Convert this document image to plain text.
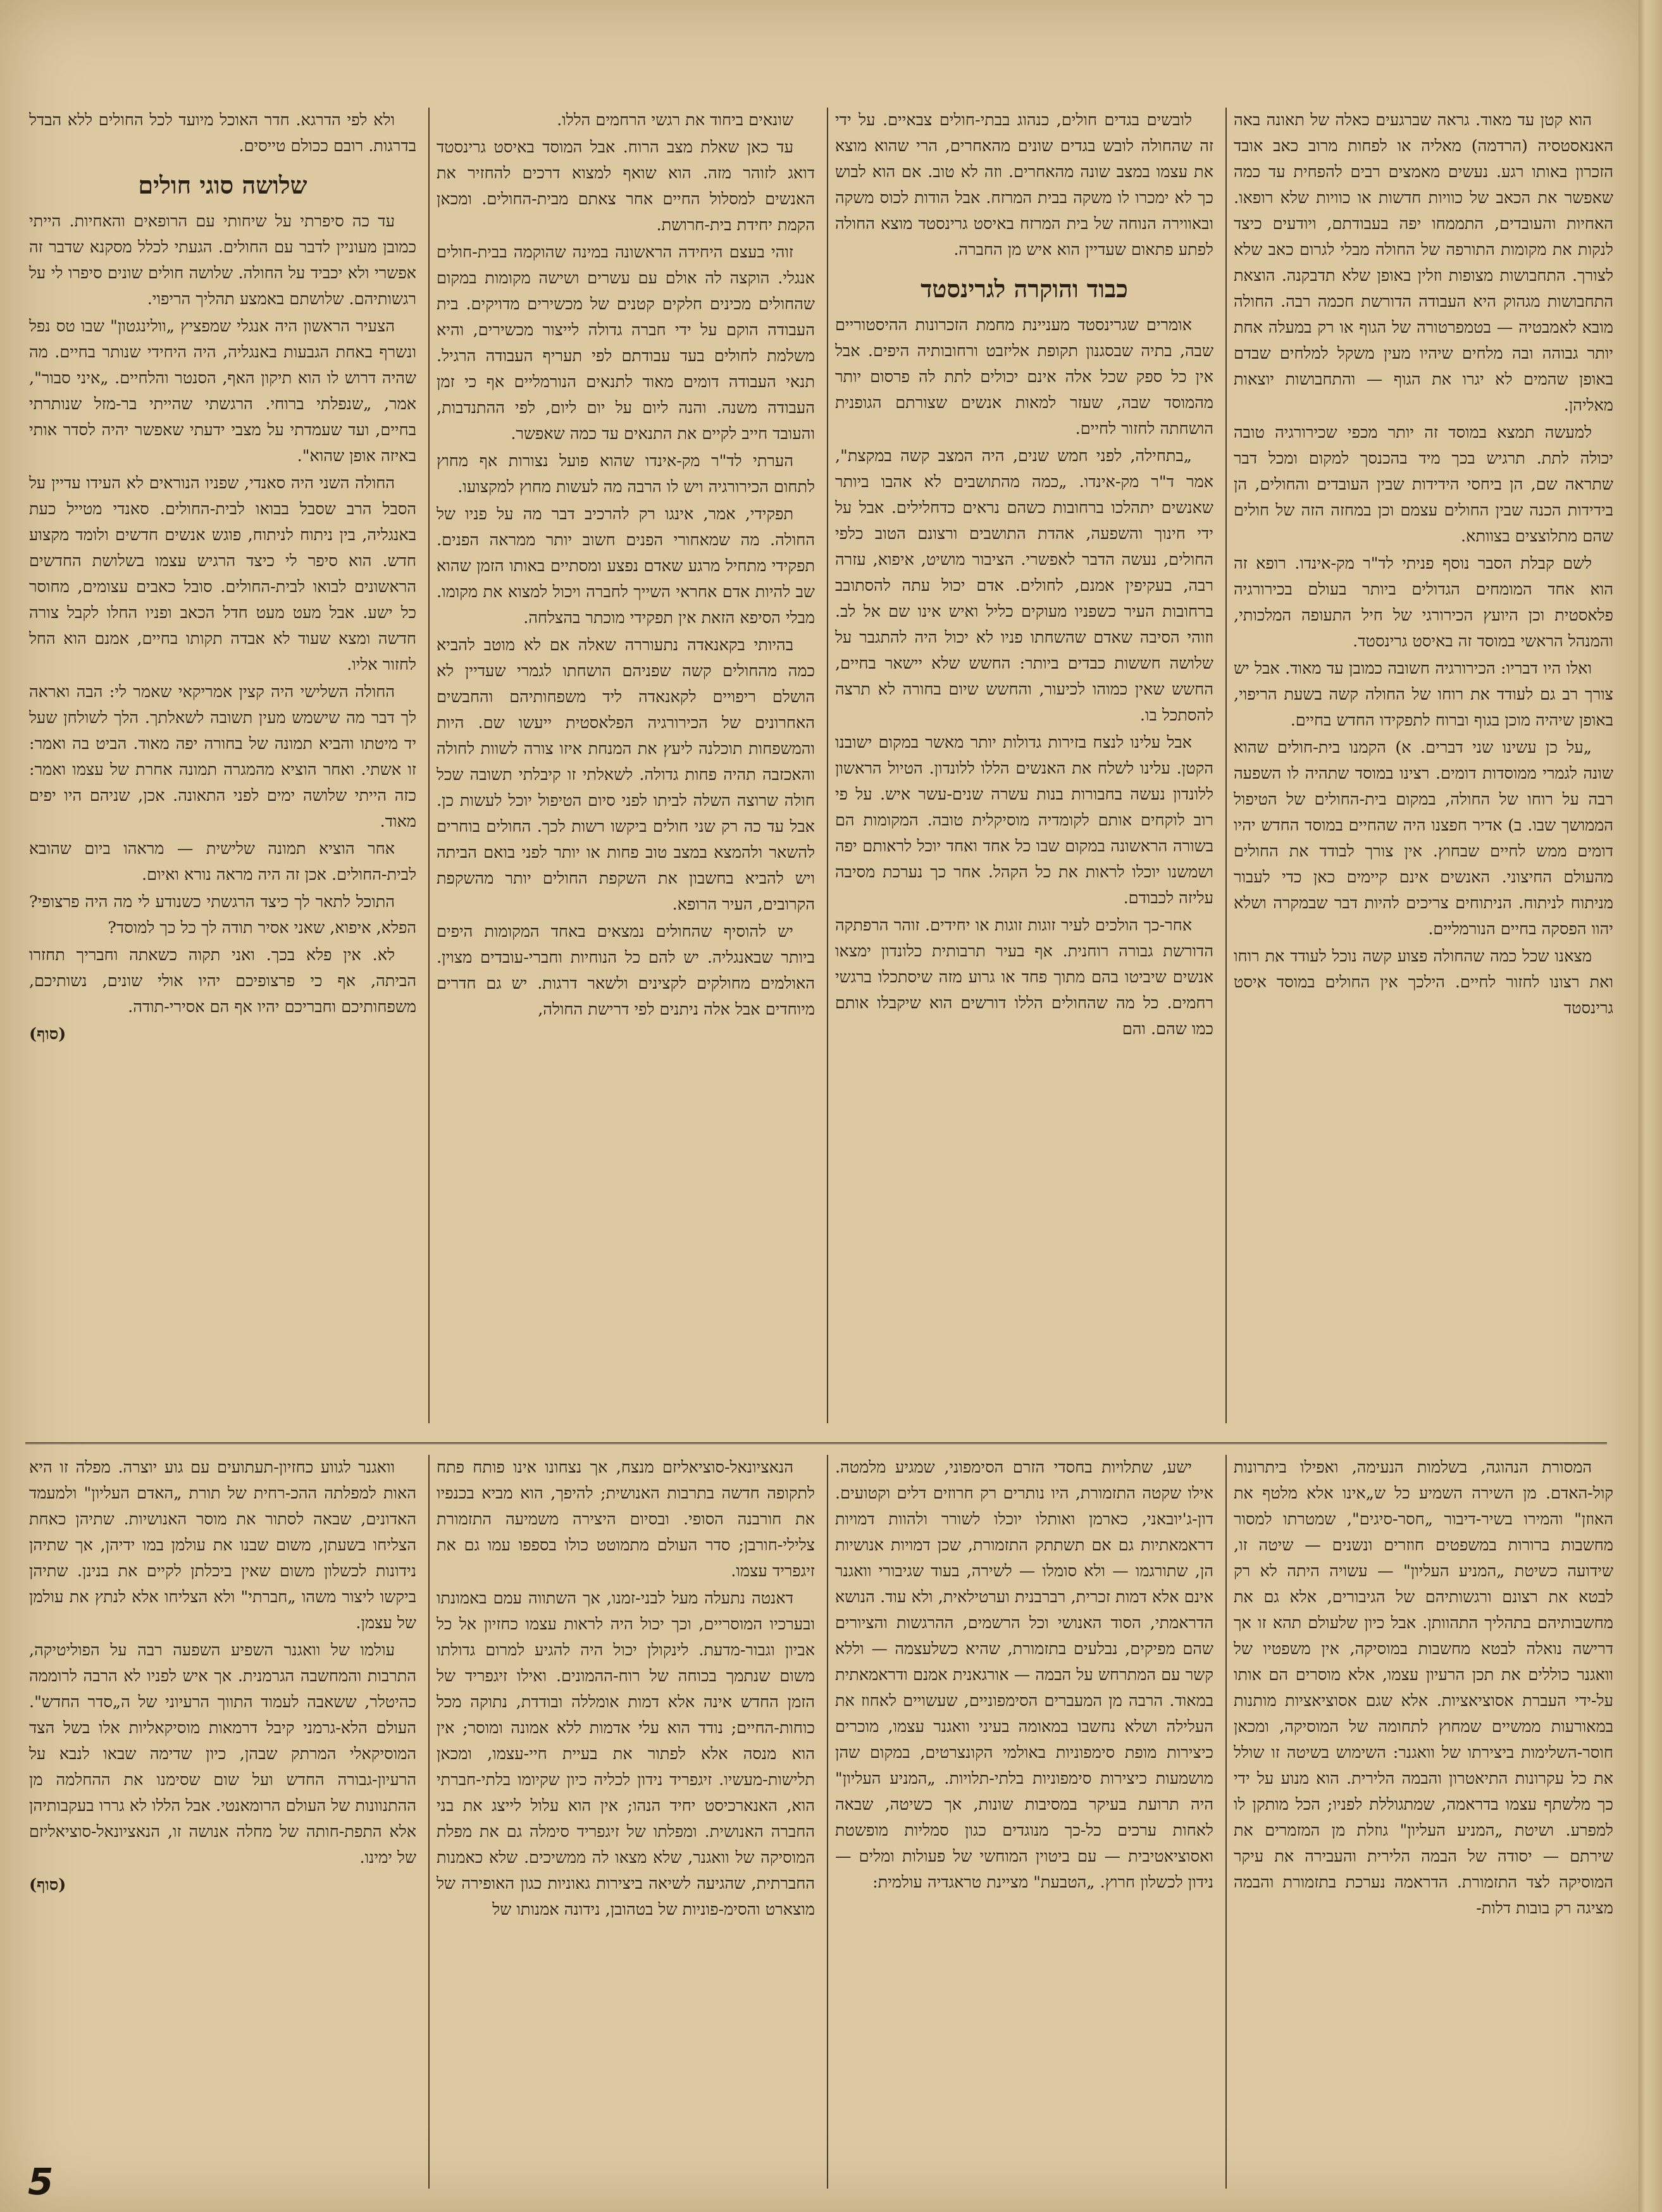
הוא קטן עד מאוד. גראה שברגעים כאלה של תאונה באה האנאסטסיה (הרדמה) מאליה או לפחות מרוב כאב אובד הזכרון באותו רגע. נעשים מאמצים רבים להפחית עד כמה שאפשר את הכאב של כוויות חדשות או כוויות שלא רופאו. האחיות והעובדים, התממחו יפה בעבודתם, ויודעים כיצד לנקות את מקומות התורפה של החולה מבלי לגרום כאב שלא לצורך. התחבושות מצופות וזלין באופן שלא תדבקנה. הוצאת התחבושות מגהוק היא העבודה הדורשת חכמה רבה. החולה מובא לאמבטיה — בטמפרטורה של הגוף או רק במעלה אחת יותר גבוהה ובה מלחים שיהיו מעין משקל למלחים שבדם באופן שהמים לא יגרו את הגוף — והתחבושות יוצאות מאליהן.

למעשה תמצא במוסד זה יותר מכפי שכירורגיה טובה יכולה לתת. תרגיש בכך מיד בהכנסך למקום ומכל דבר שתראה שם, הן ביחסי הידידות שבין העובדים והחולים, הן בידידות הכנה שבין החולים עצמם וכן במחזה הזה של חולים שהם מתלוצצים בצוותא.

לשם קבלת הסבר נוסף פניתי לד"ר מק-אינדו. רופא זה הוא אחד המומחים הגדולים ביותר בעולם בכירורגיה פלאסטית וכן היועץ הכירורגי של חיל התעופה המלכותי, והמנהל הראשי במוסד זה באיסט גרינסטד.

ואלו היו דבריו: הכירורגיה חשובה כמובן עד מאוד. אבל יש צורך רב גם לעודד את רוחו של החולה קשה בשעת הריפוי, באופן שיהיה מוכן בגוף וברוח לתפקידו החדש בחיים.

„על כן עשינו שני דברים. א) הקמנו בית-חולים שהוא שונה לגמרי ממוסדות דומים. רצינו במוסד שתהיה לו השפעה רבה על רוחו של החולה, במקום בית-החולים של הטיפול הממושך שבו. ב) אדיר חפצנו היה שהחיים במוסד החדש יהיו דומים ממש לחיים שבחוץ. אין צורך לבודד את החולים מהעולם החיצוני. האנשים אינם קיימים כאן כדי לעבור מניתוח לניתוח. הניתוחים צריכים להיות דבר שבמקרה ושלא יהוו הפסקה בחיים הנורמליים.

מצאנו שכל כמה שהחולה פצוע קשה נוכל לעודד את רוחו ואת רצונו לחזור לחיים. הילכך אין החולים במוסד איסט גרינסטד

לובשים בגדים חולים, כנהוג בבתי-חולים צבאיים. על ידי זה שהחולה לובש בגדים שונים מהאחרים, הרי שהוא מוצא את עצמו במצב שונה מהאחרים. וזה לא טוב. אם הוא לבוש כך לא ימכרו לו משקה בבית המרזח. אבל הודות לכוס משקה ובאווירה הנוחה של בית המרזח באיסט גרינסטד מוצא החולה לפתע פתאום שעדיין הוא איש מן החברה.

כבוד והוקרה לגרינסטד

אומרים שגרינסטד מעניינת מחמת הזכרונות ההיסטוריים שבה, בתיה שבסגנון תקופת אליזבט ורחובותיה היפים. אבל אין כל ספק שכל אלה אינם יכולים לתת לה פרסום יותר מהמוסד שבה, שעזר למאות אנשים שצורתם הגופנית הושחתה לחזור לחיים.

„בתחילה, לפני חמש שנים, היה המצב קשה במקצת", אמר ד"ר מק-אינדו. „כמה מהתושבים לא אהבו ביותר שאנשים יתהלכו ברחובות כשהם נראים כדחלילים. אבל על ידי חינוך והשפעה, אהדת התושבים ורצונם הטוב כלפי החולים, נעשה הדבר לאפשרי. הציבור מושיט, איפוא, עזרה רבה, בעקיפין אמנם, לחולים. אדם יכול עתה להסתובב ברחובות העיר כשפניו מעוקים כליל ואיש אינו שם אל לב. וזוהי הסיבה שאדם שהשחתו פניו לא יכול היה להתגבר על שלושה חששות כבדים ביותר: החשש שלא יישאר בחיים, החשש שאין כמוהו לכיעור, והחשש שיום בחורה לא תרצה להסתכל בו.

אבל עלינו לנצח בזירות גדולות יותר מאשר במקום ישובנו הקטן. עלינו לשלח את האנשים הללו ללונדון. הטיול הראשון ללונדון נעשה בחבורות בנות עשרה שנים-עשר איש. על פי רוב לוקחים אותם לקומדיה מוסיקלית טובה. המקומות הם בשורה הראשונה במקום שבו כל אחד ואחד יוכל לראותם יפה ושמשנו יוכלו לראות את כל הקהל. אחר כך נערכת מסיבה עליזה לכבודם.

אחר-כך הולכים לעיר זוגות זוגות או יחידים. זוהר הרפתקה הדורשת גבורה רוחנית. אף בעיר תרבותית כלונדון ימצאו אנשים שיביטו בהם מתוך פחד או גרוע מזה שיסתכלו ברגשי רחמים. כל מה שהחולים הללו דורשים הוא שיקבלו אותם כמו שהם. והם

שונאים ביחוד את רגשי הרחמים הללו.

עד כאן שאלת מצב הרוח. אבל המוסד באיסט גרינסטד דואג לזוהר מזה. הוא שואף למצוא דרכים להחזיר את האנשים למסלול החיים אחר צאתם מבית-החולים. ומכאן הקמת יחידת בית-חרושת.

זוהי בעצם היחידה הראשונה במינה שהוקמה בבית-חולים אנגלי. הוקצה לה אולם עם עשרים ושישה מקומות במקום שהחולים מכינים חלקים קטנים של מכשירים מדויקים. בית העבודה הוקם על ידי חברה גדולה לייצור מכשירים, והיא משלמת לחולים בעד עבודתם לפי תעריף העבודה הרגיל. תנאי העבודה דומים מאוד לתנאים הנורמליים אף כי זמן העבודה משנה. והנה ליום על יום ליום, לפי ההתנדבות, והעובד חייב לקיים את התנאים עד כמה שאפשר.

הערתי לד"ר מק-אינדו שהוא פועל נצורות אף מחוץ לתחום הכירורגיה ויש לו הרבה מה לעשות מחוץ למקצועו.

תפקידי, אמר, אינגו רק להרכיב דבר מה על פניו של החולה. מה שמאחורי הפנים חשוב יותר ממראה הפנים. תפקידי מתחיל מרגע שאדם נפצע ומסתיים באותו הזמן שהוא שב להיות אדם אחראי השייך לחברה ויכול למצוא את מקומו. מבלי הסיפא הזאת אין תפקידי מוכתר בהצלחה.

בהיותי בקאנאדה נתעוררה שאלה אם לא מוטב להביא כמה מהחולים קשה שפניהם הושחתו לגמרי שעדיין לא הושלם ריפויים לקאנאדה ליד משפחותיהם והחבשים האחרונים של הכירורגיה הפלאסטית ייעשו שם. היות והמשפחות תוכלנה ליעץ את המנחת איזו צורה לשוות לחולה והאכזבה תהיה פחות גדולה. לשאלתי זו קיבלתי תשובה שכל חולה שרוצה השלה לביתו לפני סיום הטיפול יוכל לעשות כן. אבל עד כה רק שני חולים ביקשו רשות לכך. החולים בוחרים להשאר ולהמצא במצב טוב פחות או יותר לפני בואם הביתה ויש להביא בחשבון את השקפת החולים יותר מהשקפת הקרובים, העיר הרופא.

יש להוסיף שהחולים נמצאים באחד המקומות היפים ביותר שבאנגליה. יש להם כל הנוחיות וחברי-עובדים מצוין. האולמים מחולקים לקצינים ולשאר דרגות. יש גם חדרים מיוחדים אבל אלה ניתנים לפי דרישת החולה,

ולא לפי הדרגא. חדר האוכל מיועד לכל החולים ללא הבדל בדרגות. רובם ככולם טייסים.

שלושה סוגי חולים

עד כה סיפרתי על שיחותי עם הרופאים והאחיות. הייתי כמובן מעוניין לדבר עם החולים. הגעתי לכלל מסקנא שדבר זה אפשרי ולא יכביד על החולה. שלושה חולים שונים סיפרו לי על רגשותיהם. שלושתם באמצע תהליך הריפוי.

הצעיר הראשון היה אנגלי שמפציץ „וולינגטון" שבו טס נפל ונשרף באחת הגבעות באנגליה, היה היחידי שנותר בחיים. מה שהיה דרוש לו הוא תיקון האף, הסנטר והלחיים. „איני סבור", אמר, „שנפלתי ברוחי. הרגשתי שהייתי בר-מזל שנותרתי בחיים, ועד שעמדתי על מצבי ידעתי שאפשר יהיה לסדר אותי באיזה אופן שהוא".

החולה השני היה סאנדי, שפניו הנוראים לא העידו עדיין על הסבל הרב שסבל בבואו לבית-החולים. סאנדי מטייל כעת באנגליה, בין ניתוח לניתוח, פוגש אנשים חדשים ולומד מקצוע חדש. הוא סיפר לי כיצד הרגיש עצמו בשלושת החדשים הראשונים לבואו לבית-החולים. סובל כאבים עצומים, מחוסר כל ישע. אבל מעט מעט חדל הכאב ופניו החלו לקבל צורה חדשה ומצא שעוד לא אבדה תקותו בחיים, אמנם הוא החל לחזור אליו.

החולה השלישי היה קצין אמריקאי שאמר לי: הבה ואראה לך דבר מה שישמש מעין תשובה לשאלתך. הלך לשולחן שעל יד מיטתו והביא תמונה של בחורה יפה מאוד. הביט בה ואמר: זו אשתי. ואחר הוציא מהמגרה תמונה אחרת של עצמו ואמר: כזה הייתי שלושה ימים לפני התאונה. אכן, שניהם היו יפים מאוד.

אחר הוציא תמונה שלישית — מראהו ביום שהובא לבית-החולים. אכן זה היה מראה נורא ואיום.

התוכל לתאר לך כיצד הרגשתי כשנודע לי מה היה פרצופי? הפלא, איפוא, שאני אסיר תודה לך כל כך למוסד?

לא. אין פלא בכך. ואני תקוה כשאתה וחבריך תחזרו הביתה, אף כי פרצופיכם יהיו אולי שונים, נשותיכם, משפחותיכם וחבריכם יהיו אף הם אסירי-תודה.

(סוף)

המסורת הנהוגה, בשלמות הנעימה, ואפילו ביתרונות קול-האדם. מן השירה השמיע כל ש„אינו אלא מלטף את האוזן" והמירו בשיר-דיבור „חסר-סיגים", שמטרתו למסור מחשבות ברורות במשפטים חוזרים ונשנים — שיטה זו, שידועה כשיטת „המניע העליון" — עשויה היתה לא רק לבטא את רצונם ורגשותיהם של הגיבורים, אלא גם את מחשבותיהם בתהליך התהוותן. אבל כיון שלעולם תהא זו אך דרישה נואלה לבטא מחשבות במוסיקה, אין משפטיו של וואגנר כוללים את תכן הרעיון עצמו, אלא מוסרים הם אותו על-ידי העברת אסוציאציות. אלא שגם אסוציאציות מותנות במאורעות ממשיים שמחוץ לתחומה של המוסיקה, ומכאן חוסר-השלימות ביצירתו של וואגנר: השימוש בשיטה זו שולל את כל עקרונות התיאטרון והבמה הלירית. הוא מנוע על ידי כך מלשתף עצמו בדראמה, שמתגוללת לפניו; הכל מותקן לו למפרע. ושיטת „המניע העליון" גוזלת מן המזמרים את שירתם — יסודה של הבמה הלירית והעבירה את עיקר המוסיקה לצד התזמורת. הדראמה נערכת בתזמורת והבמה מציגה רק בובות דלות-

ישע, שתלויות בחסדי הזרם הסימפוני, שמגיע מלמטה. אילו שקטה התזמורת, היו נותרים רק חרוזים דלים וקטועים. דון-ג'יובאני, כארמן ואותלו יוכלו לשורר ולהוות דמויות דראמאתיות גם אם תשתתק התזמורת, שכן דמויות אנושיות הן, שתורגמו — ולא סומלו — לשירה, בעוד שגיבורי וואגנר אינם אלא דמות זכרית, רברבנית וערטילאית, ולא עוד. הנושא הדראמתי, הסוד האנושי וכל הרשמים, ההרגשות והציורים שהם מפיקים, נבלעים בתזמורת, שהיא כשלעצמה — וללא קשר עם המתרחש על הבמה — אורגאנית אמנם ודראמאתית במאוד. הרבה מן המעברים הסימפוניים, שעשויים לאחוז את העלילה ושלא נחשבו במאומה בעיני וואגנר עצמו, מוכרים כיצירות מופת סימפוניות באולמי הקונצרטים, במקום שהן מושמעות כיצירות סימפוניות בלתי-תלויות. „המניע העליון" היה תרועת בעיקר במסיבות שונות, אך כשיטה, שבאה לאחות ערכים כל-כך מנוגדים כגון סמליות מופשטת ואסוציאטיבית — עם ביטוין המוחשי של פעולות ומלים — נידון לכשלון חרוץ. „הטבעת" מציינת טראגדיה עולמית:

הנאציונאל-סוציאליזם מנצח, אך נצחונו אינו פותח פתח לתקופה חדשה בתרבות האנושית; להיפך, הוא מביא בכנפיו את חורבנה הסופי. ובסיום היצירה משמיעה התזמורת צלילי-חורבן; סדר העולם מתמוטט כולו בספפו עמו גם את זיגפריד עצמו.

דאנטה נתעלה מעל לבני-זמנו, אך השתווה עמם באמונתו ובערכיו המוסריים, וכך יכול היה לראות עצמו כחזיון אל כל אביון וגבור-מדעת. לינקולן יכול היה להגיע למרום גדולתו משום שנתמך בכוחה של רוח-ההמונים. ואילו זיגפריד של הזמן החדש אינה אלא דמות אומללה ובודדת, נתוקה מכל כוחות-החיים; נודד הוא עלי אדמות ללא אמונה ומוסר; אין הוא מנסה אלא לפתור את בעיית חיי-עצמו, ומכאן תלישות-מעשיו. זיגפריד נידון לכליה כיון שקיומו בלתי-חברתי הוא, האנארכיסט יחיד הנהו; אין הוא עלול לייצג את בני החברה האנושית. ומפלתו של זיגפריד סימלה גם את מפלת המוסיקה של וואגנר, שלא מצאו לה ממשיכים. שלא כאמנות החברתית, שהגיעה לשיאה ביצירות גאוניות כגון האופירה של מוצארט והסימ-פוניות של בטהובן, נידונה אמנותו של

וואגנר לגווע כחזיון-תעתועים עם גוע יוצרה. מפלה זו היא האות למפלתה ההכ-רחית של תורת „האדם העליון" ולמעמד האדונים, שבאה לסתור את מוסר האנושיות. שתיהן כאחת הצליחו בשעתן, משום שבנו את עולמן במו ידיהן, אך שתיהן נידונות לכשלון משום שאין ביכלתן לקיים את בנינן. שתיהן ביקשו ליצור משהו „חברתי" ולא הצליחו אלא לנתץ את עולמן של עצמן.

עולמו של וואגנר השפיע השפעה רבה על הפוליטיקה, התרבות והמחשבה הגרמנית. אך איש לפניו לא הרבה לרוממה כהיטלר, ששאבה לעמוד התווך הרעיוני של ה„סדר החדש". העולם הלא-גרמני קיבל דרמאות מוסיקאליות אלו בשל הצד המוסיקאלי המרתק שבהן, כיון שדימה שבאו לנבא על הרעיון-גבורה החדש ועל שום שסימנו את ההחלמה מן ההתנוונות של העולם הרומאנטי. אבל הללו לא גררו בעקבותיהן אלא התפת-חותה של מחלה אנושה זו, הנאציונאל-סוציאליזם של ימינו.

(סוף)

5
